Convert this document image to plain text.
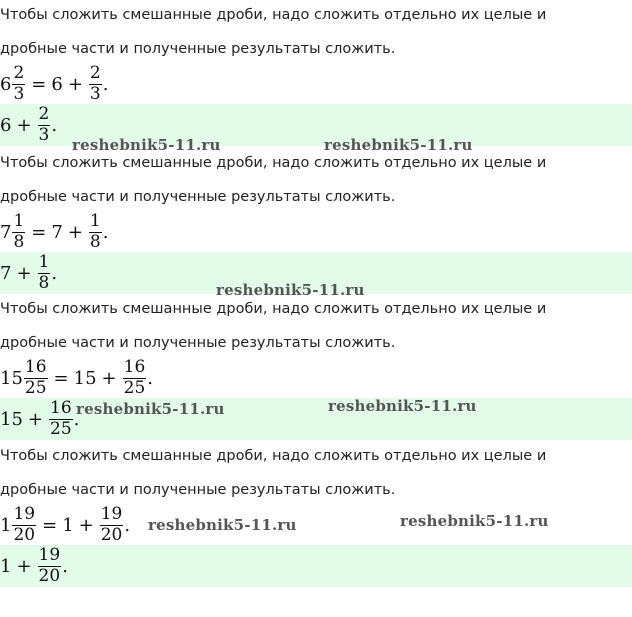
Чтобы сложить смешанные дроби, надо сложить отдельно их целые и
дробные части и полученные результаты сложить.
$6 \frac{2}{3} = 6 + \frac{2}{3}$ .
$6 + \frac{2}{3}$ .
Чтобы сложить смешанные дроби, надо сложить отдельно их целые и
дробные части и полученные результаты сложить.
$7 \frac{1}{8} = 7 + \frac{1}{8}$ .
$7 + \frac{1}{8}$ .
Чтобы сложить смешанные дроби, надо сложить отдельно их целые и
дробные части и полученные результаты сложить.
$15 \frac{16}{25} = 15 + \frac{16}{25}$ .
$15 + \frac{16}{25}$ .
Чтобы сложить смешанные дроби, надо сложить отдельно их целые и
дробные части и полученные результаты сложить.
$1 \frac{19}{20} = 1 + \frac{19}{20}$ .
$1 + \frac{19}{20}$ .
reshebnik5-11.ru	reshebnik5-11.ru
reshebnik5-11.ru
reshebnik5-11.ru	reshebnik5-11.ru
reshebnik5-11.ru	reshebnik5-11.ru
